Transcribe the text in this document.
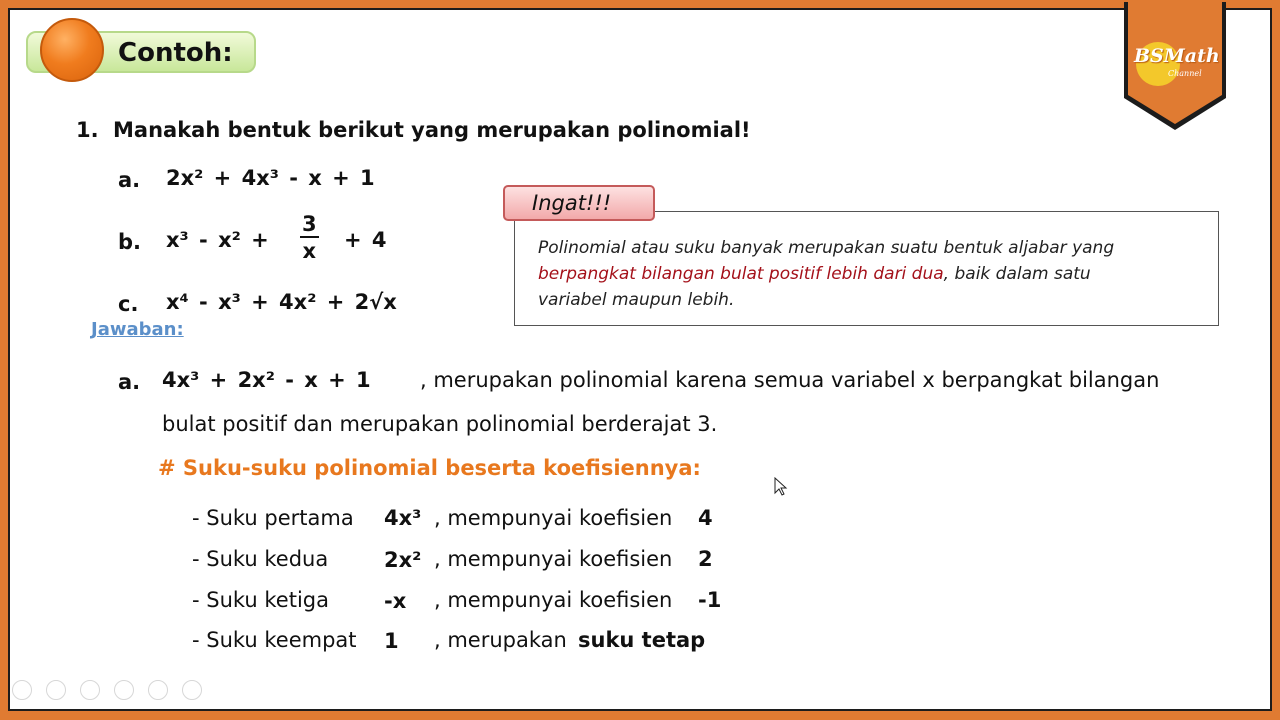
Contoh:	BSMath
Channel
1. Manakah bentuk berikut yang merupakan polinomial!
a. 2x² + 4x³ - x + 1
b. $x^3 - x^2 + \frac{3}{x} + 4$
c. x⁴ - x³ + 4x² + 2√x
Ingat!!!
Polinomial atau suku banyak merupakan suatu bentuk aljabar yang
berpangkat bilangan bulat positif lebih dari dua, baik dalam satu
variabel maupun lebih.
Jawaban:
a. 4x³ + 2x² - x + 1 , merupakan polinomial karena semua variabel x berpangkat bilangan
bulat positif dan merupakan polinomial berderajat 3.
# Suku-suku polinomial beserta koefisiennya:
- Suku pertama 4x³ , mempunyai koefisien 4
- Suku kedua	2x² , mempunyai koefisien 2
- Suku ketiga	-x , mempunyai koefisien -1
- Suku keempat 1 , merupakan suku tetap
